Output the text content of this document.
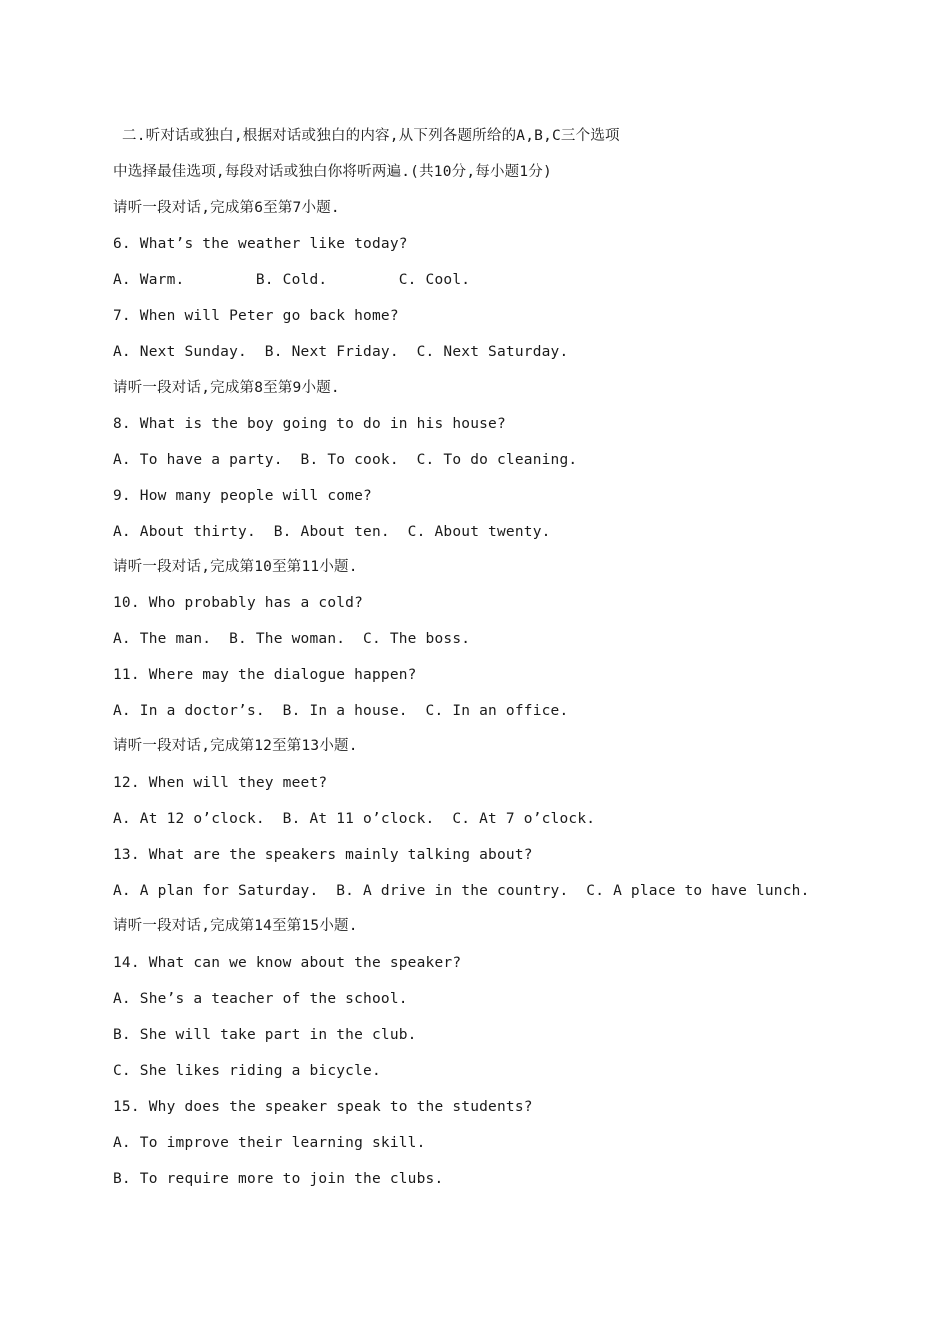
二.听对话或独白,根据对话或独白的内容,从下列各题所给的A,B,C三个选项
中选择最佳选项,每段对话或独白你将听两遍.(共10分,每小题1分)
请听一段对话,完成第6至第7小题.
6. What’s the weather like today?
A. Warm.        B. Cold.        C. Cool.
7. When will Peter go back home?
A. Next Sunday.  B. Next Friday.  C. Next Saturday.
请听一段对话,完成第8至第9小题.
8. What is the boy going to do in his house?
A. To have a party.  B. To cook.  C. To do cleaning.
9. How many people will come?
A. About thirty.  B. About ten.  C. About twenty.
请听一段对话,完成第10至第11小题.
10. Who probably has a cold?
A. The man.  B. The woman.  C. The boss.
11. Where may the dialogue happen?
A. In a doctor’s.  B. In a house.  C. In an office.
请听一段对话,完成第12至第13小题.
12. When will they meet?
A. At 12 o’clock.  B. At 11 o’clock.  C. At 7 o’clock.
13. What are the speakers mainly talking about?
A. A plan for Saturday.  B. A drive in the country.  C. A place to have lunch.
请听一段对话,完成第14至第15小题.
14. What can we know about the speaker?
A. She’s a teacher of the school.
B. She will take part in the club.
C. She likes riding a bicycle.
15. Why does the speaker speak to the students?
A. To improve their learning skill.
B. To require more to join the clubs.
